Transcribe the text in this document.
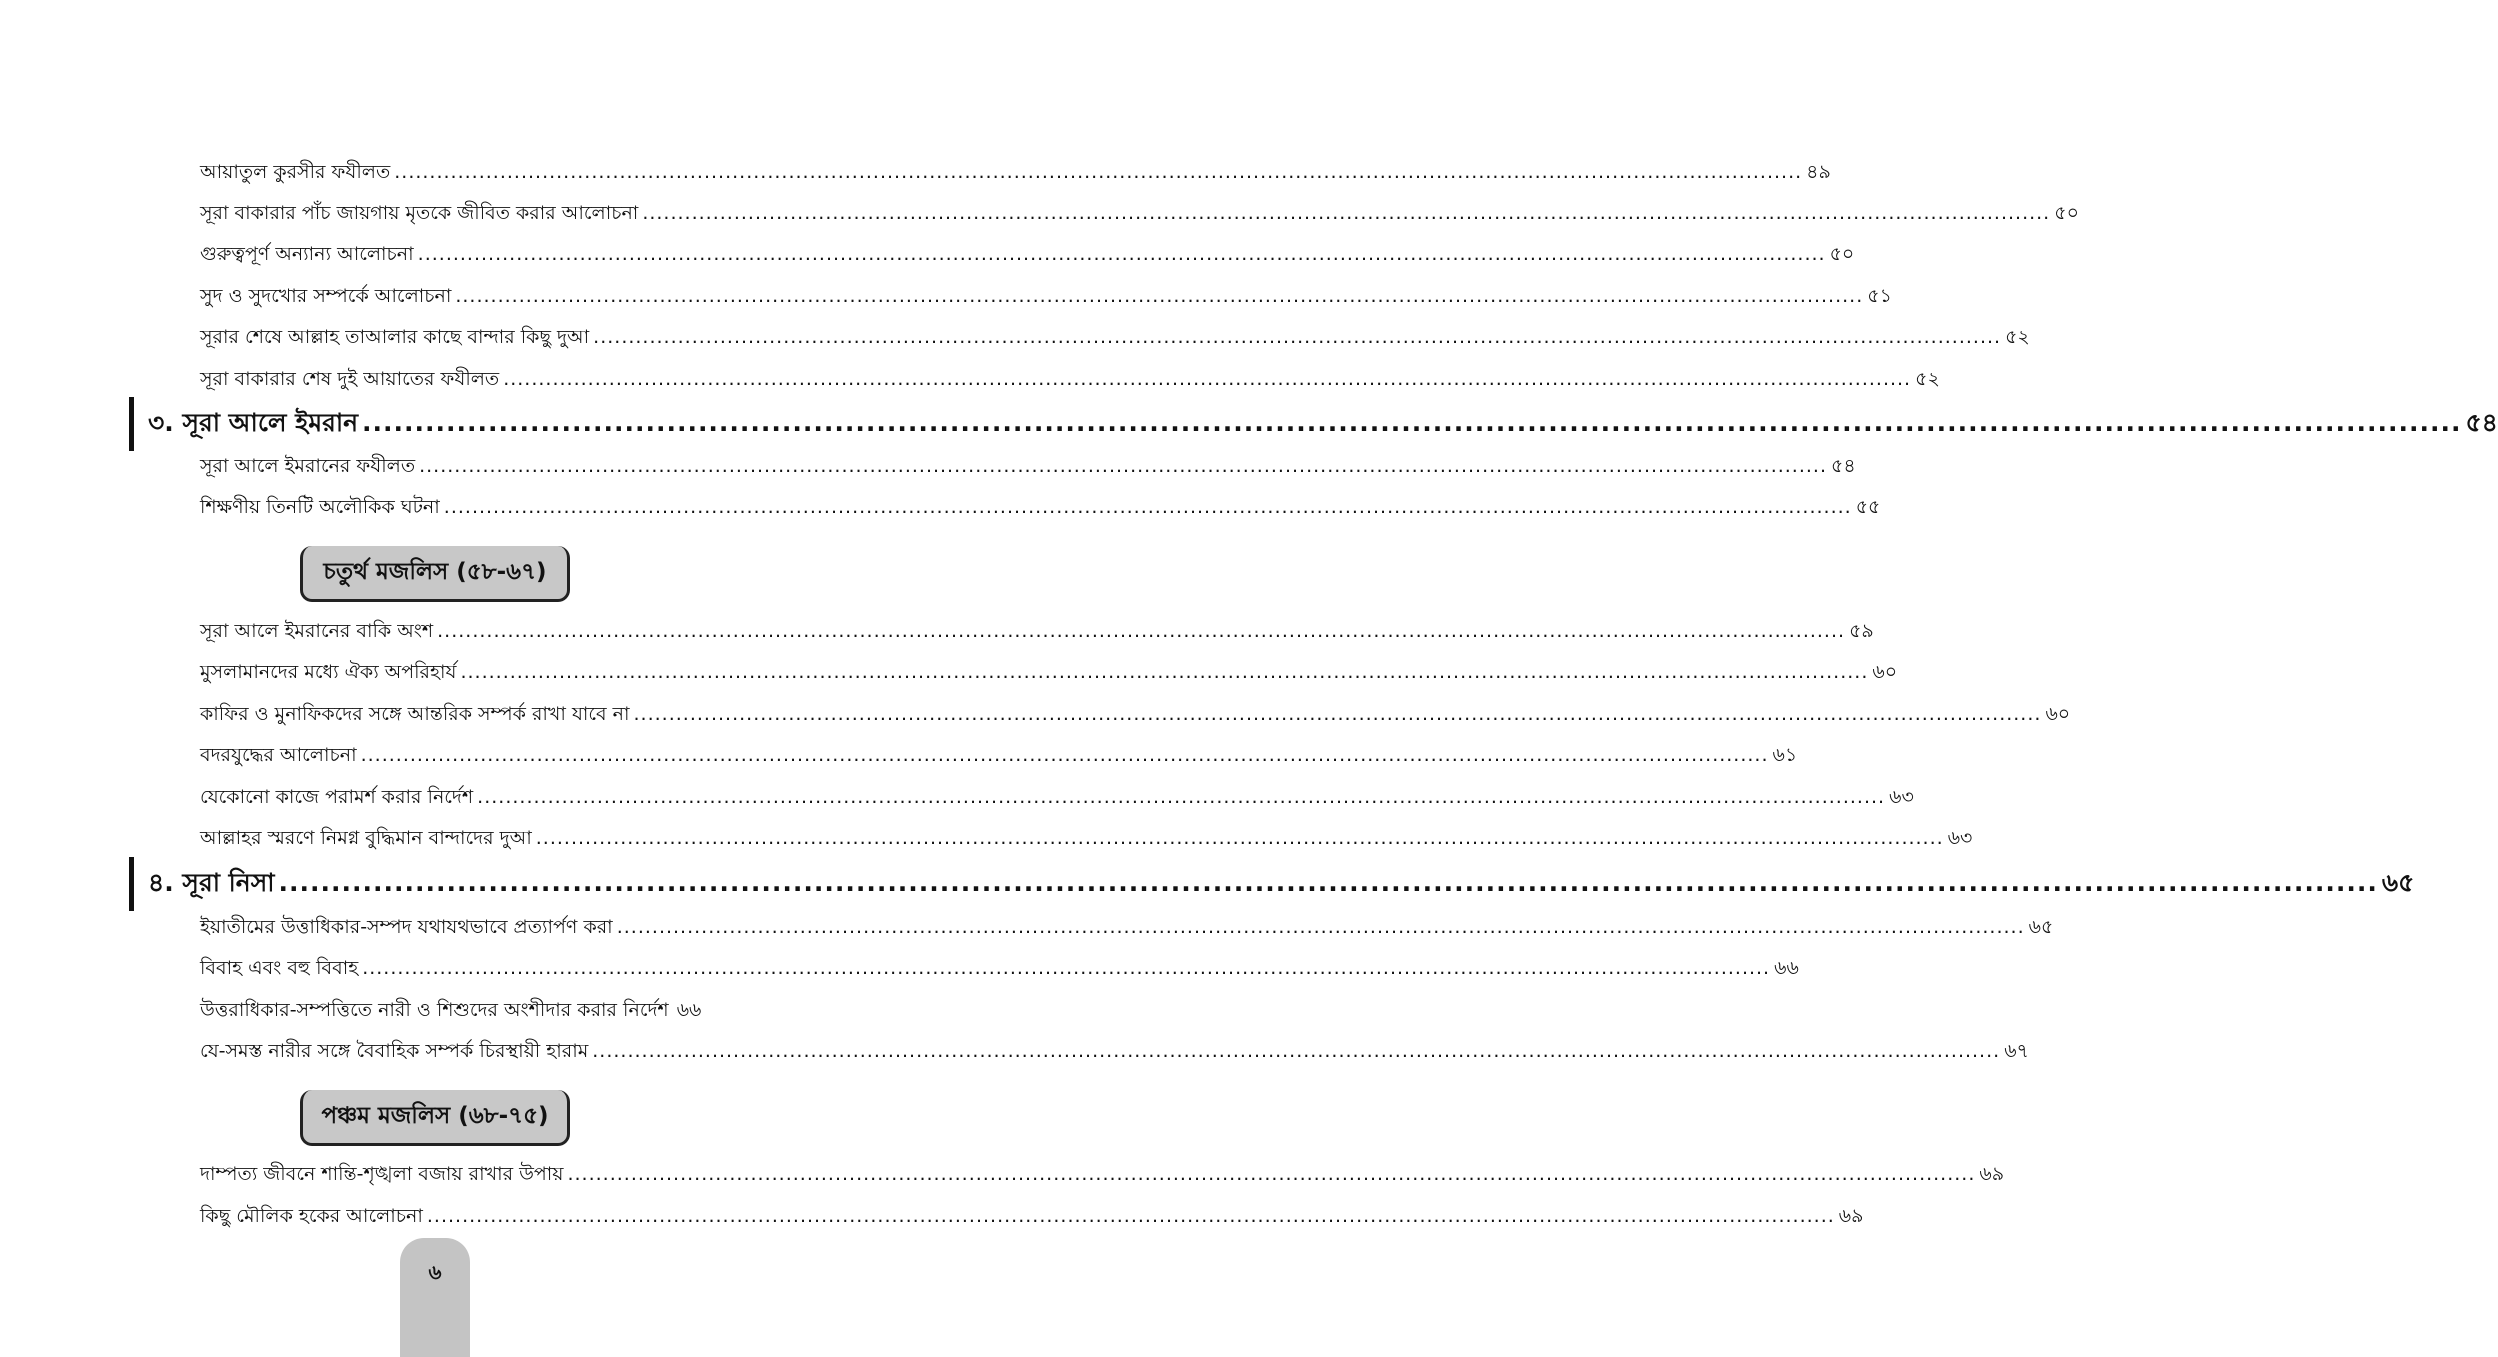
আয়াতুল কুরসীর ফযীলত .....	৪৯
সূরা বাকারার পাঁচ জায়গায় মৃতকে জীবিত করার আলোচনা .....	৫০
গুরুত্বপূর্ণ অন্যান্য আলোচনা .....	৫০
সুদ ও সুদখোর সম্পর্কে আলোচনা .....	৫১
সূরার শেষে আল্লাহ তাআলার কাছে বান্দার কিছু দুআ .....	৫২
সূরা বাকারার শেষ দুই আয়াতের ফযীলত .....	৫২
৩. সূরা আলে ইমরান .....	৫৪
সূরা আলে ইমরানের ফযীলত .....	৫৪
শিক্ষণীয় তিনটি অলৌকিক ঘটনা .....	৫৫
চতুর্থ মজলিস (৫৮-৬৭)
সূরা আলে ইমরানের বাকি অংশ .....	৫৯
মুসলামানদের মধ্যে ঐক্য অপরিহার্য .....	৬০
কাফির ও মুনাফিকদের সঙ্গে আন্তরিক সম্পর্ক রাখা যাবে না .....	৬০
বদরযুদ্ধের আলোচনা .....	৬১
যেকোনো কাজে পরামর্শ করার নির্দেশ .....	৬৩
আল্লাহর স্মরণে নিমগ্ন বুদ্ধিমান বান্দাদের দুআ .....	৬৩
৪. সূরা নিসা .....	৬৫
ইয়াতীমের উত্তাধিকার-সম্পদ যথাযথভাবে প্রত্যার্পণ করা .....	৬৫
বিবাহ এবং বহু বিবাহ .....	৬৬
উত্তরাধিকার-সম্পত্তিতে নারী ও শিশুদের অংশীদার করার নির্দেশ ৬৬
যে-সমস্ত নারীর সঙ্গে বৈবাহিক সম্পর্ক চিরস্থায়ী হারাম .....	৬৭
পঞ্চম মজলিস (৬৮-৭৫)
দাম্পত্য জীবনে শান্তি-শৃঙ্খলা বজায় রাখার উপায় .....	৬৯
কিছু মৌলিক হকের আলোচনা .....	৬৯
৬
